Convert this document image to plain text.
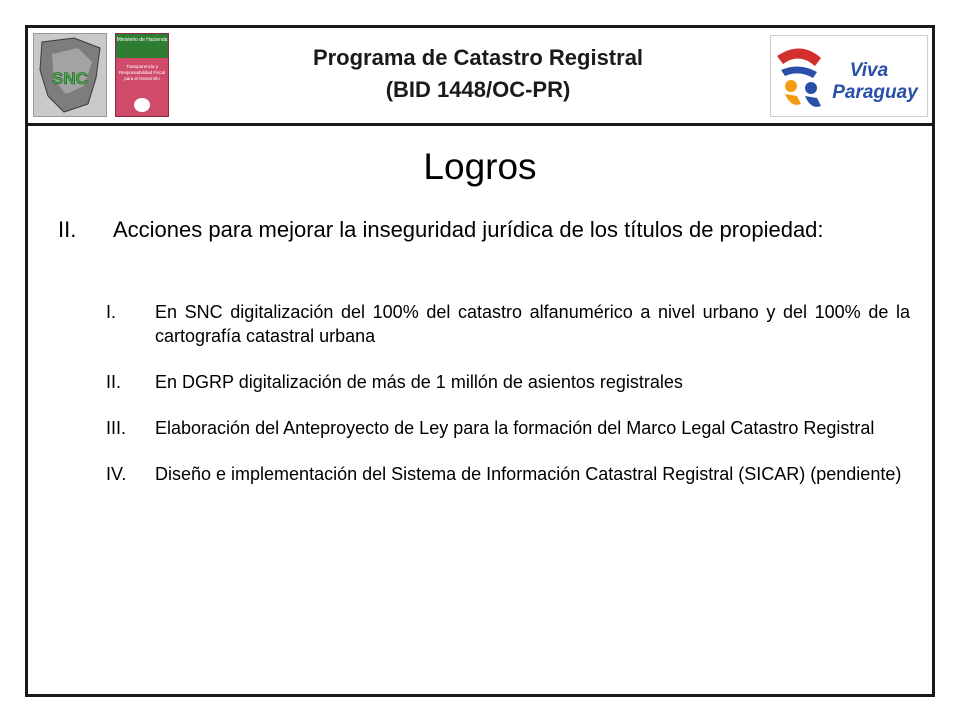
SNC
Ministerio de Hacienda
Transparencia y Responsabilidad Fiscal para el Desarrollo
Programa de Catastro Registral
(BID 1448/OC-PR)
Viva
Paraguay
Logros
II. Acciones para mejorar la inseguridad jurídica de los títulos de propiedad:
I. En SNC digitalización del 100% del catastro alfanumérico a nivel urbano y del 100% de la cartografía catastral urbana
II. En DGRP digitalización de más de 1 millón de asientos registrales
III. Elaboración del Anteproyecto de Ley para la formación del Marco Legal Catastro Registral
IV. Diseño e implementación del Sistema de Información Catastral Registral (SICAR) (pendiente)
